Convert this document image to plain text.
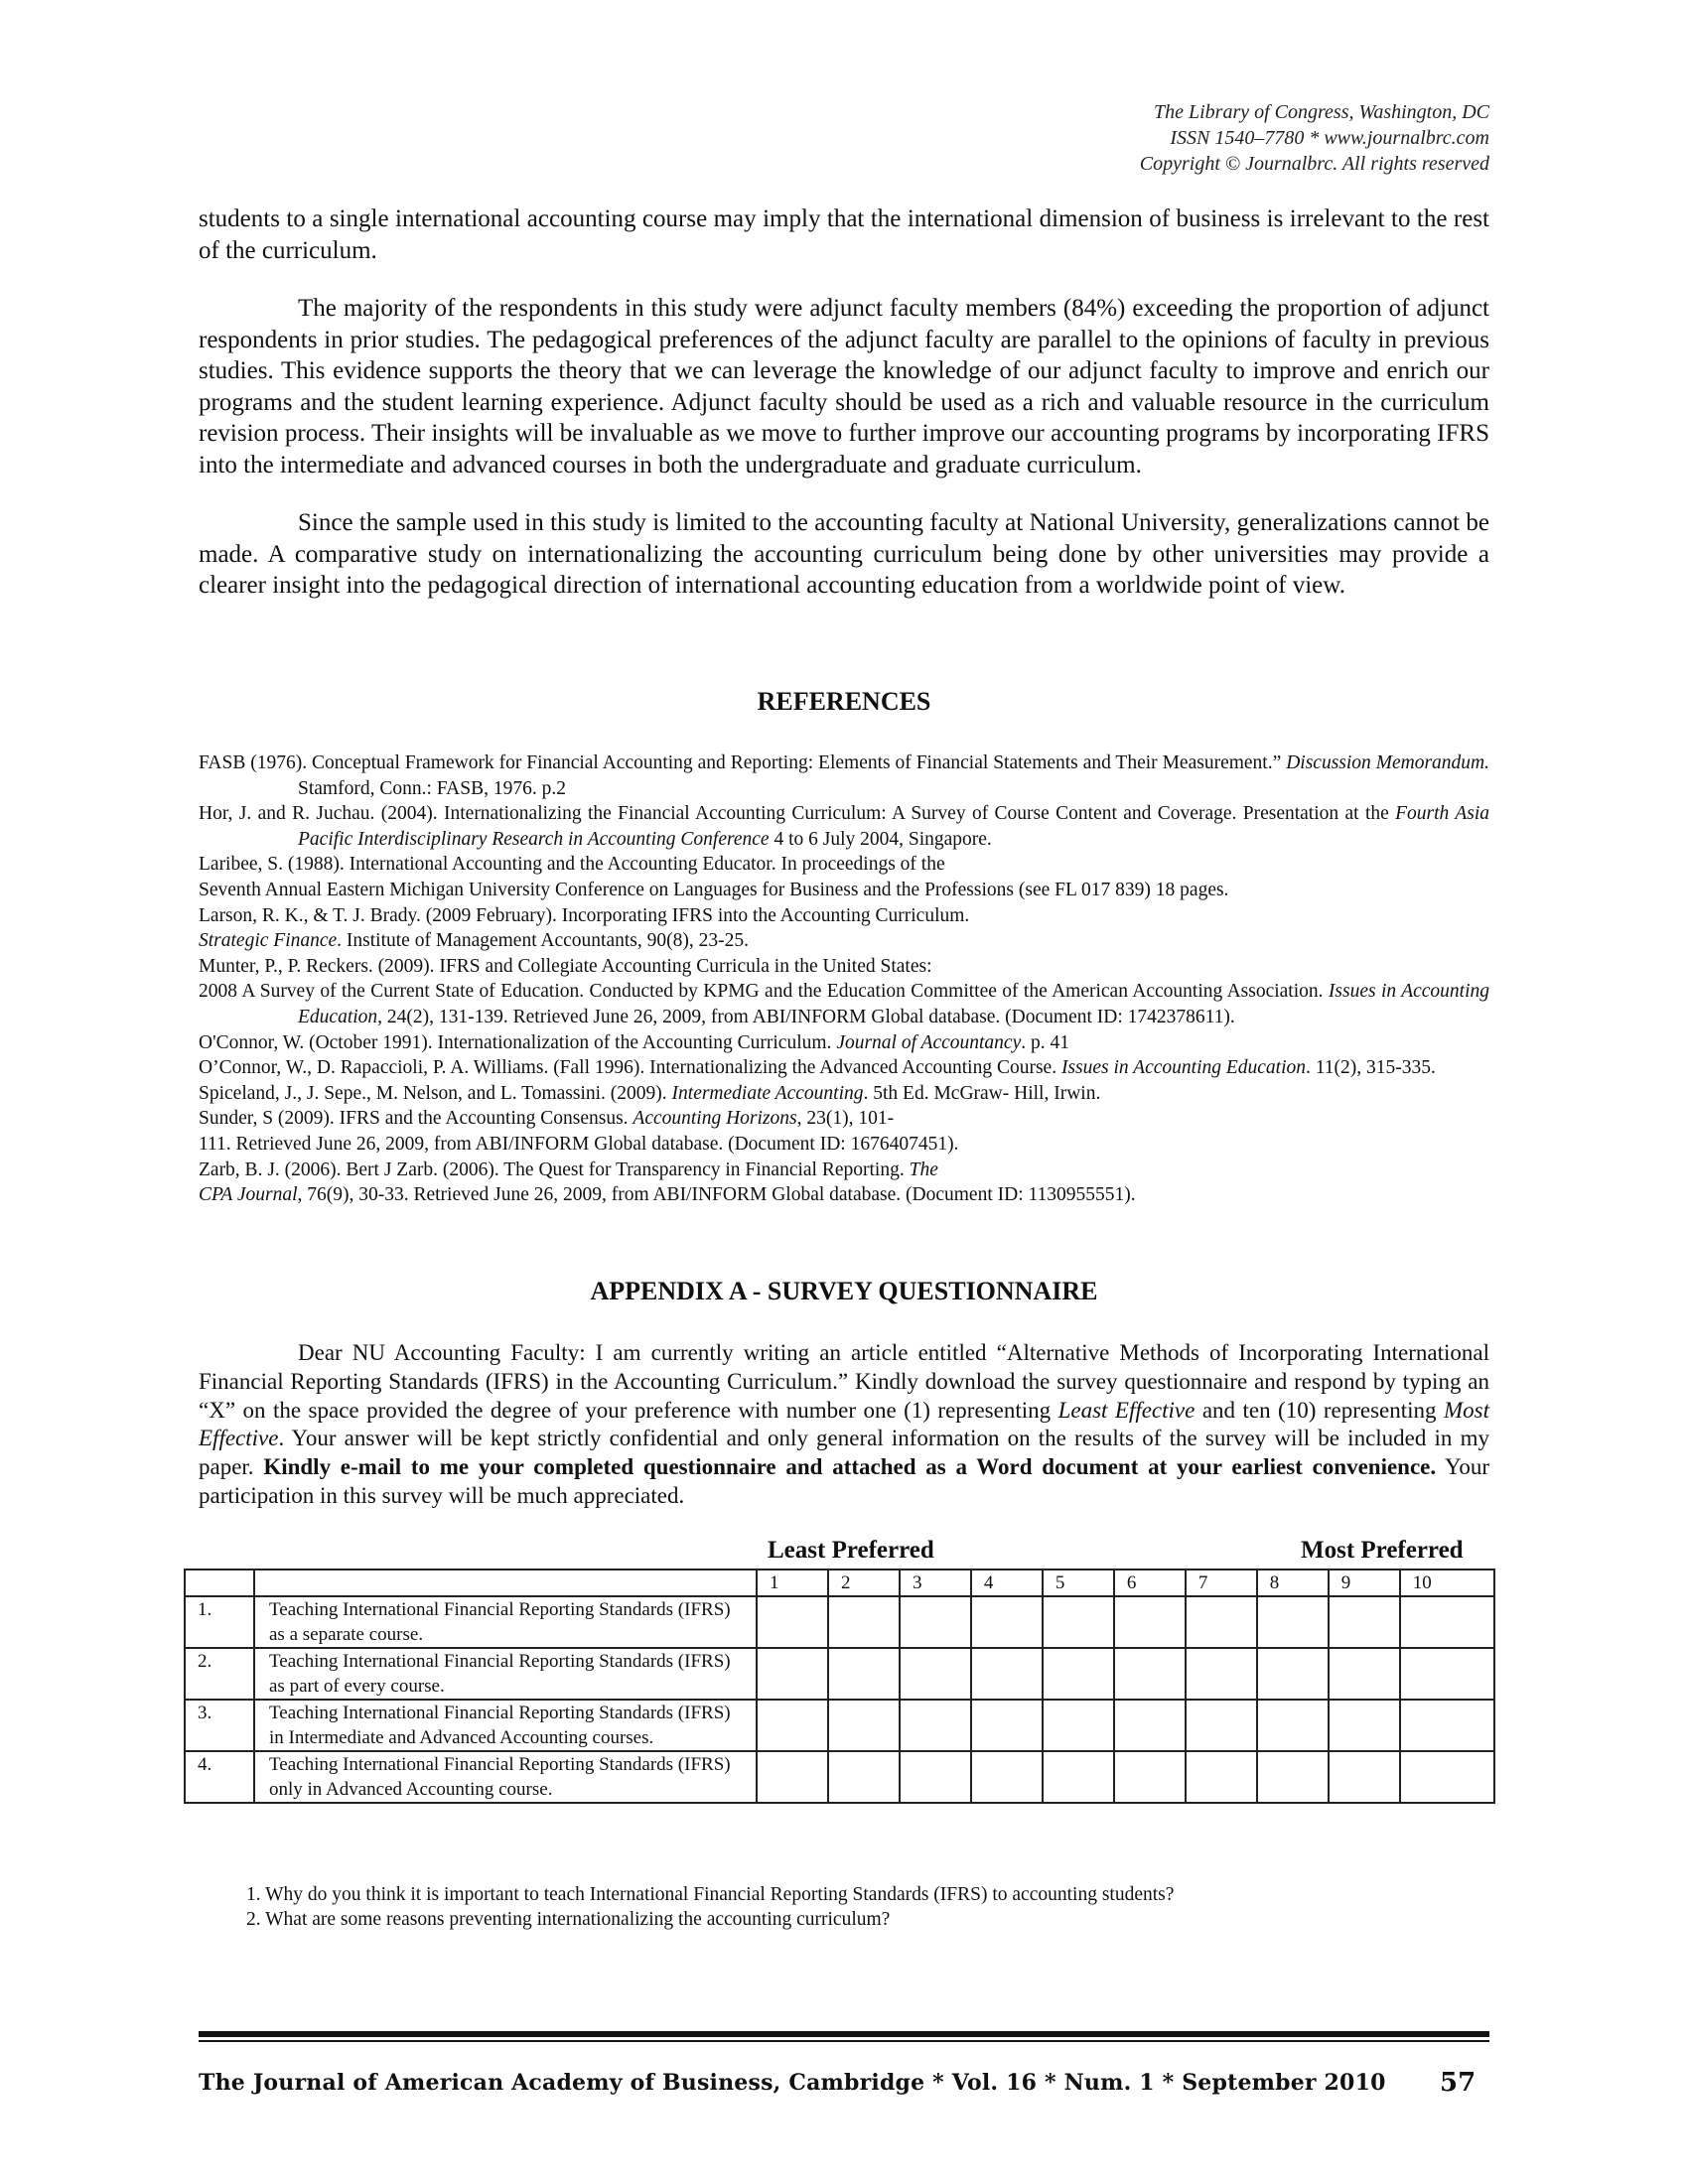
The Library of Congress, Washington, DC
ISSN 1540–7780 * www.journalbrc.com
Copyright © Journalbrc. All rights reserved

students to a single international accounting course may imply that the international dimension of business is irrelevant to the rest of the curriculum.

The majority of the respondents in this study were adjunct faculty members (84%) exceeding the proportion of adjunct respondents in prior studies. The pedagogical preferences of the adjunct faculty are parallel to the opinions of faculty in previous studies. This evidence supports the theory that we can leverage the knowledge of our adjunct faculty to improve and enrich our programs and the student learning experience. Adjunct faculty should be used as a rich and valuable resource in the curriculum revision process. Their insights will be invaluable as we move to further improve our accounting programs by incorporating IFRS into the intermediate and advanced courses in both the undergraduate and graduate curriculum.

Since the sample used in this study is limited to the accounting faculty at National University, generalizations cannot be made. A comparative study on internationalizing the accounting curriculum being done by other universities may provide a clearer insight into the pedagogical direction of international accounting education from a worldwide point of view.

REFERENCES
FASB (1976). Conceptual Framework for Financial Accounting and Reporting: Elements of Financial Statements and Their Measurement.” Discussion Memorandum. Stamford, Conn.: FASB, 1976. p.2
Hor, J. and R. Juchau. (2004). Internationalizing the Financial Accounting Curriculum: A Survey of Course Content and Coverage. Presentation at the Fourth Asia Pacific Interdisciplinary Research in Accounting Conference 4 to 6 July 2004, Singapore.
Laribee, S. (1988). International Accounting and the Accounting Educator. In proceedings of the
Seventh Annual Eastern Michigan University Conference on Languages for Business and the Professions (see FL 017 839) 18 pages.
Larson, R. K., & T. J. Brady. (2009 February). Incorporating IFRS into the Accounting Curriculum.
Strategic Finance. Institute of Management Accountants, 90(8), 23-25.
Munter, P., P. Reckers. (2009). IFRS and Collegiate Accounting Curricula in the United States:
2008 A Survey of the Current State of Education. Conducted by KPMG and the Education Committee of the American Accounting Association. Issues in Accounting Education, 24(2), 131-139. Retrieved June 26, 2009, from ABI/INFORM Global database. (Document ID: 1742378611).
O'Connor, W. (October 1991). Internationalization of the Accounting Curriculum. Journal of Accountancy. p. 41
O’Connor, W., D. Rapaccioli, P. A. Williams. (Fall 1996). Internationalizing the Advanced Accounting Course. Issues in Accounting Education. 11(2), 315-335.
Spiceland, J., J. Sepe., M. Nelson, and L. Tomassini. (2009). Intermediate Accounting. 5th Ed. McGraw- Hill, Irwin.
Sunder, S (2009). IFRS and the Accounting Consensus. Accounting Horizons, 23(1), 101-
111. Retrieved June 26, 2009, from ABI/INFORM Global database. (Document ID: 1676407451).
Zarb, B. J. (2006). Bert J Zarb. (2006). The Quest for Transparency in Financial Reporting. The
CPA Journal, 76(9), 30-33. Retrieved June 26, 2009, from ABI/INFORM Global database. (Document ID: 1130955551).
APPENDIX A - SURVEY QUESTIONNAIRE

Dear NU Accounting Faculty: I am currently writing an article entitled “Alternative Methods of Incorporating International Financial Reporting Standards (IFRS) in the Accounting Curriculum.” Kindly download the survey questionnaire and respond by typing an “X” on the space provided the degree of your preference with number one (1) representing Least Effective and ten (10) representing Most Effective. Your answer will be kept strictly confidential and only general information on the results of the survey will be included in my paper. Kindly e-mail to me your completed questionnaire and attached as a Word document at your earliest convenience. Your participation in this survey will be much appreciated.

Least Preferred	Most Preferred
		1	2	3	4	5	6	7	8	9	10
1.	Teaching International Financial Reporting Standards (IFRS) as a separate course.										
2.	Teaching International Financial Reporting Standards (IFRS) as part of every course.										
3.	Teaching International Financial Reporting Standards (IFRS) in Intermediate and Advanced Accounting courses.										
4.	Teaching International Financial Reporting Standards (IFRS) only in Advanced Accounting course.										
1. Why do you think it is important to teach International Financial Reporting Standards (IFRS) to accounting students?
2. What are some reasons preventing internationalizing the accounting curriculum?
The Journal of American Academy of Business, Cambridge * Vol. 16 * Num. 1 * September 2010 57
